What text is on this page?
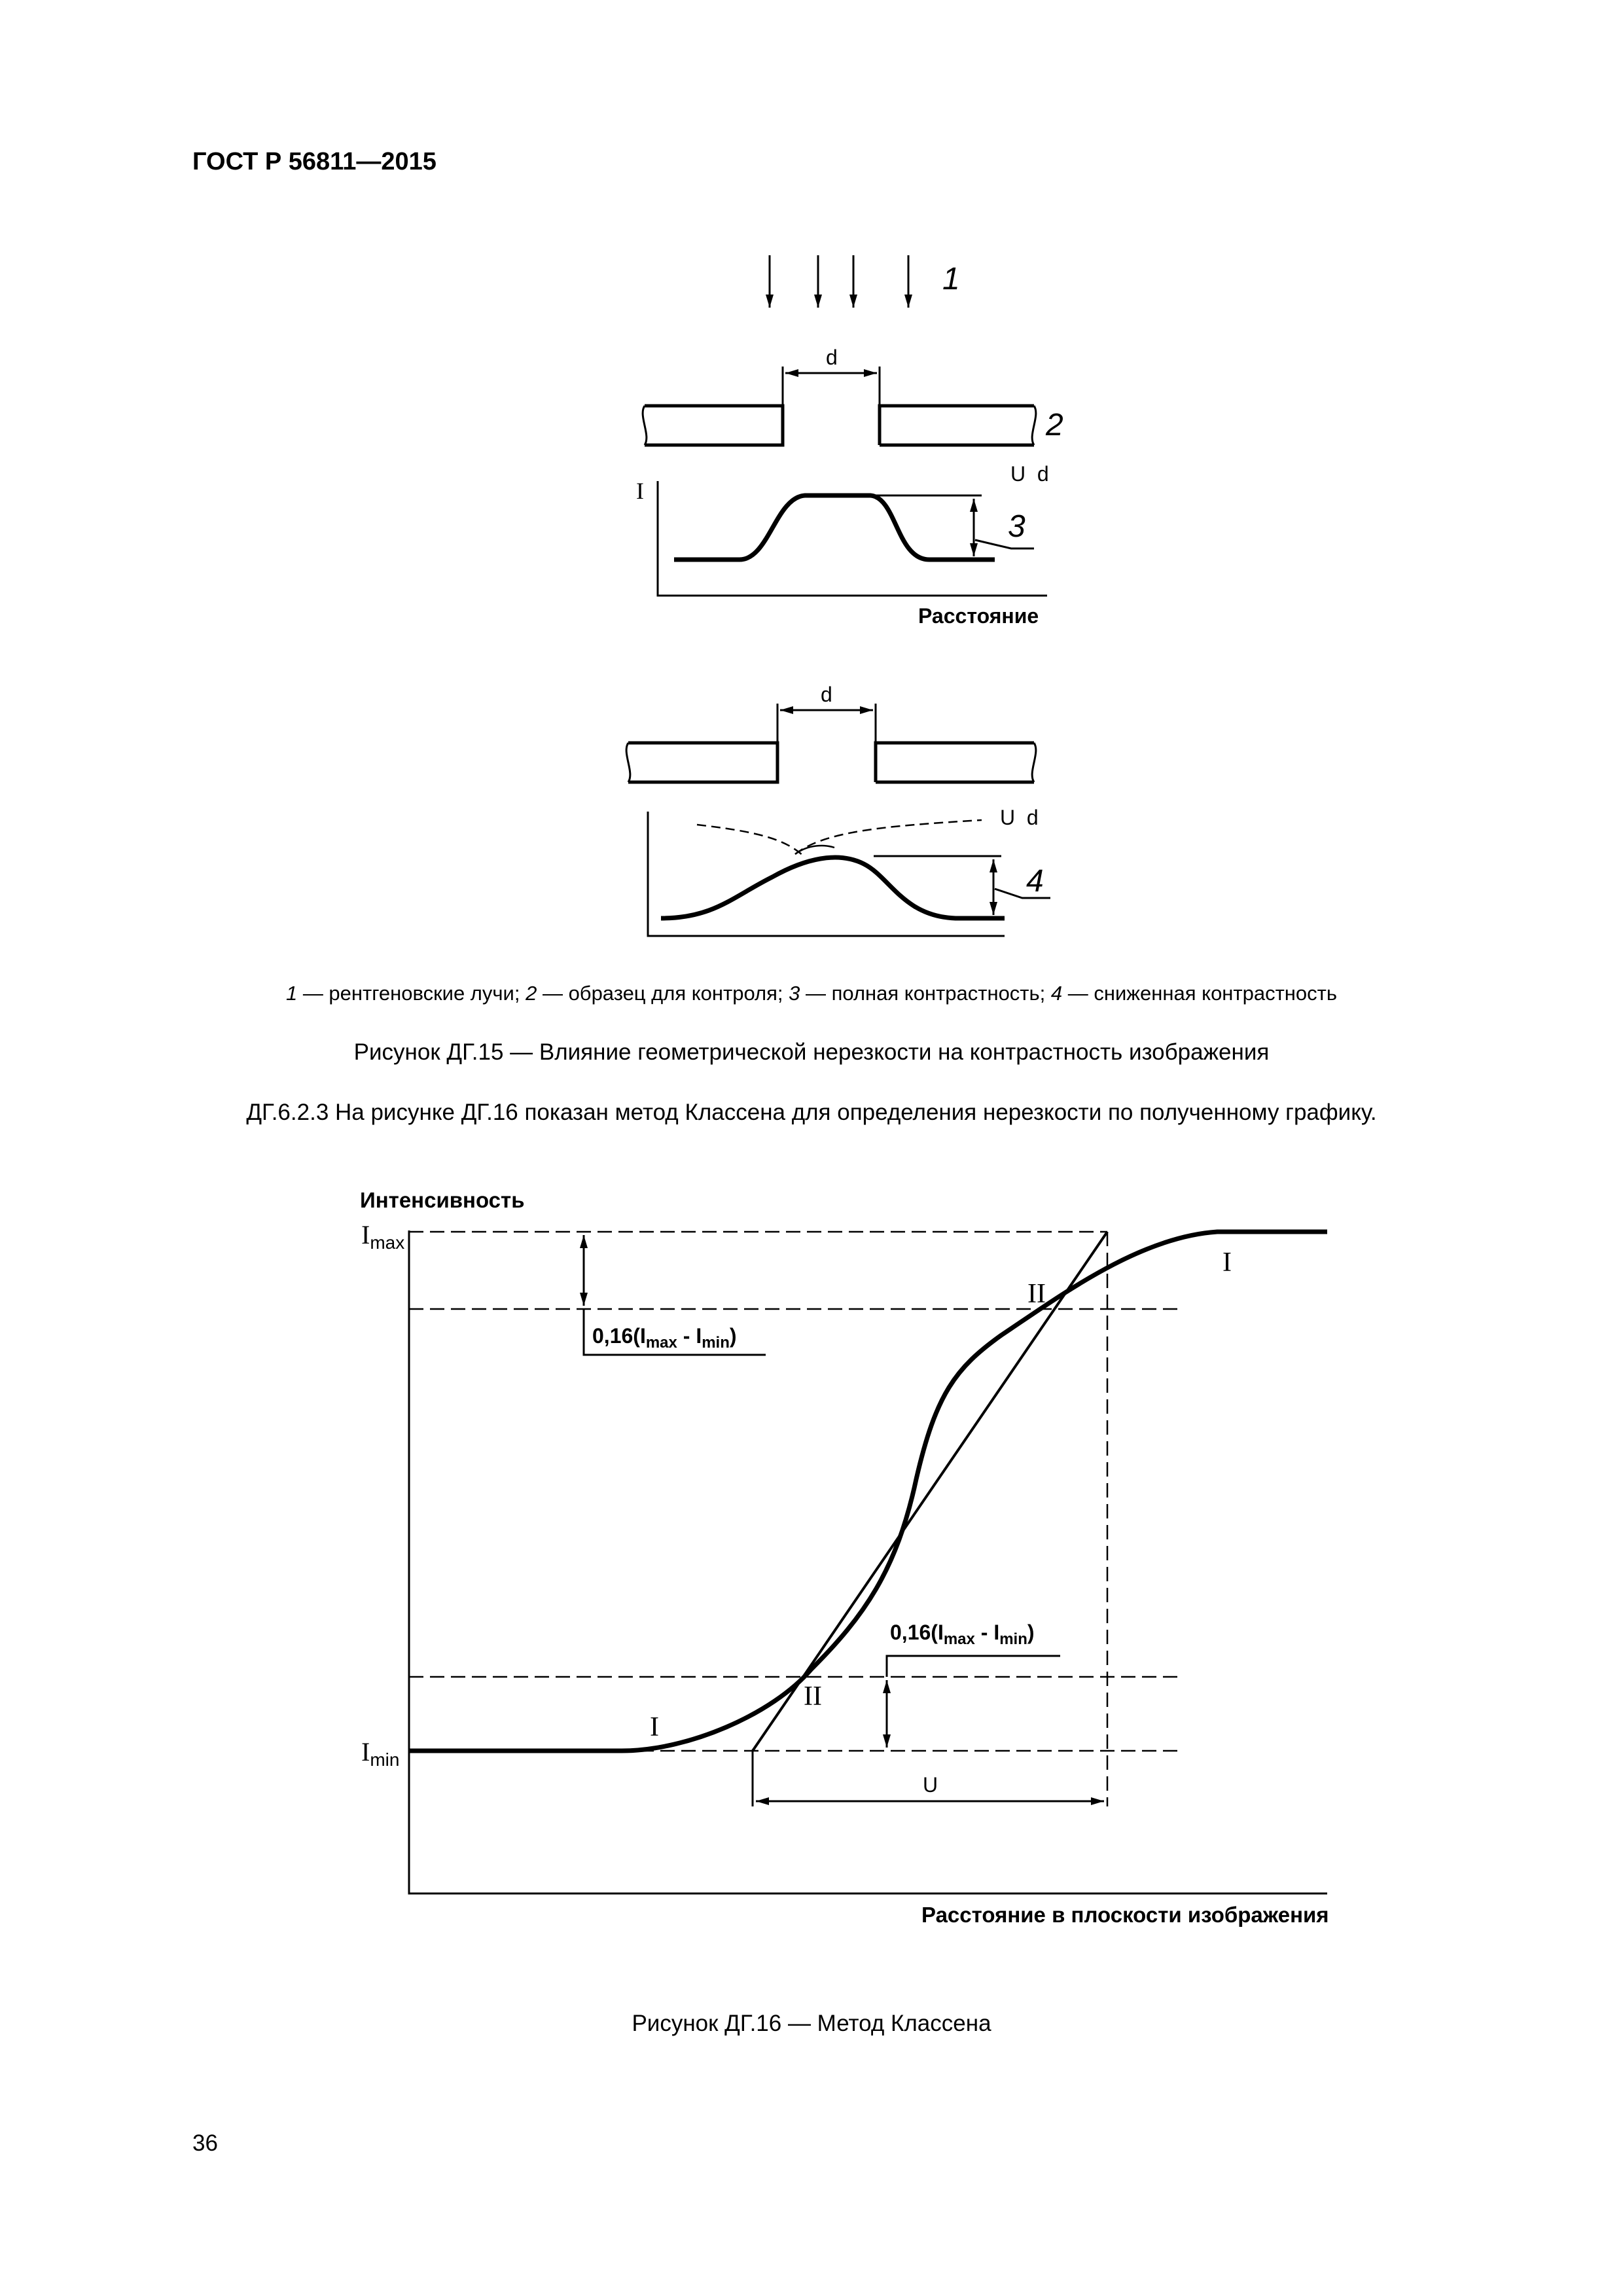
ГОСТ Р 56811—2015
1
d
2
U  d
I
3
Расстояние
d
U  d
4
1 — рентгеновские лучи; 2 — образец для контроля; 3 — полная контрастность; 4 — сниженная контрастность
Рисунок ДГ.15 — Влияние геометрической нерезкости на контрастность изображения
ДГ.6.2.3 На рисунке ДГ.16 показан метод Классена для определения нерезкости по полученному графику.
Интенсивность
Расстояние в плоскости изображения
$I_{max}$
$I_{min}$
$0,16(I_{max} - I_{min})$
$0,16(I_{max} - I_{min})$
I
I
II
II
U
Рисунок ДГ.16 — Метод Классена
36
